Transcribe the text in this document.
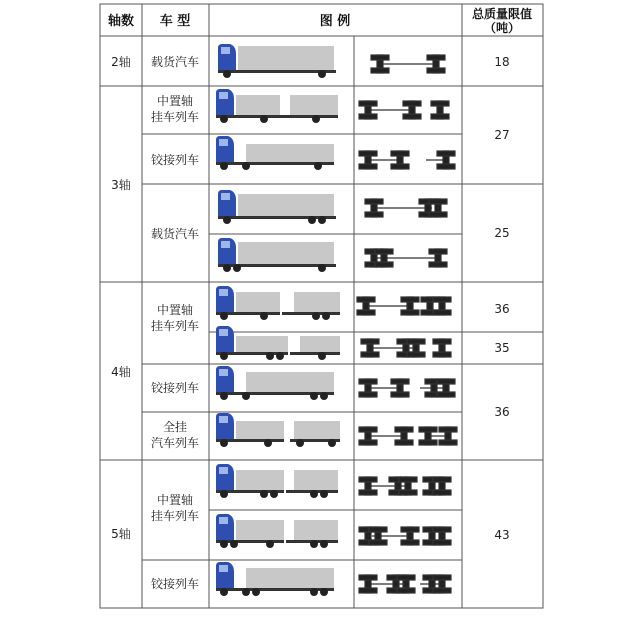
轴数 车 型	图 例	总质量限值
（吨）
2轴
3轴
4轴
5轴
载货汽车
中置轴
挂车列车
铰接列车
载货汽车
中置轴
挂车列车
铰接列车
全挂
汽车列车
中置轴
挂车列车
铰接列车
18
27
25
36
35
36
43
